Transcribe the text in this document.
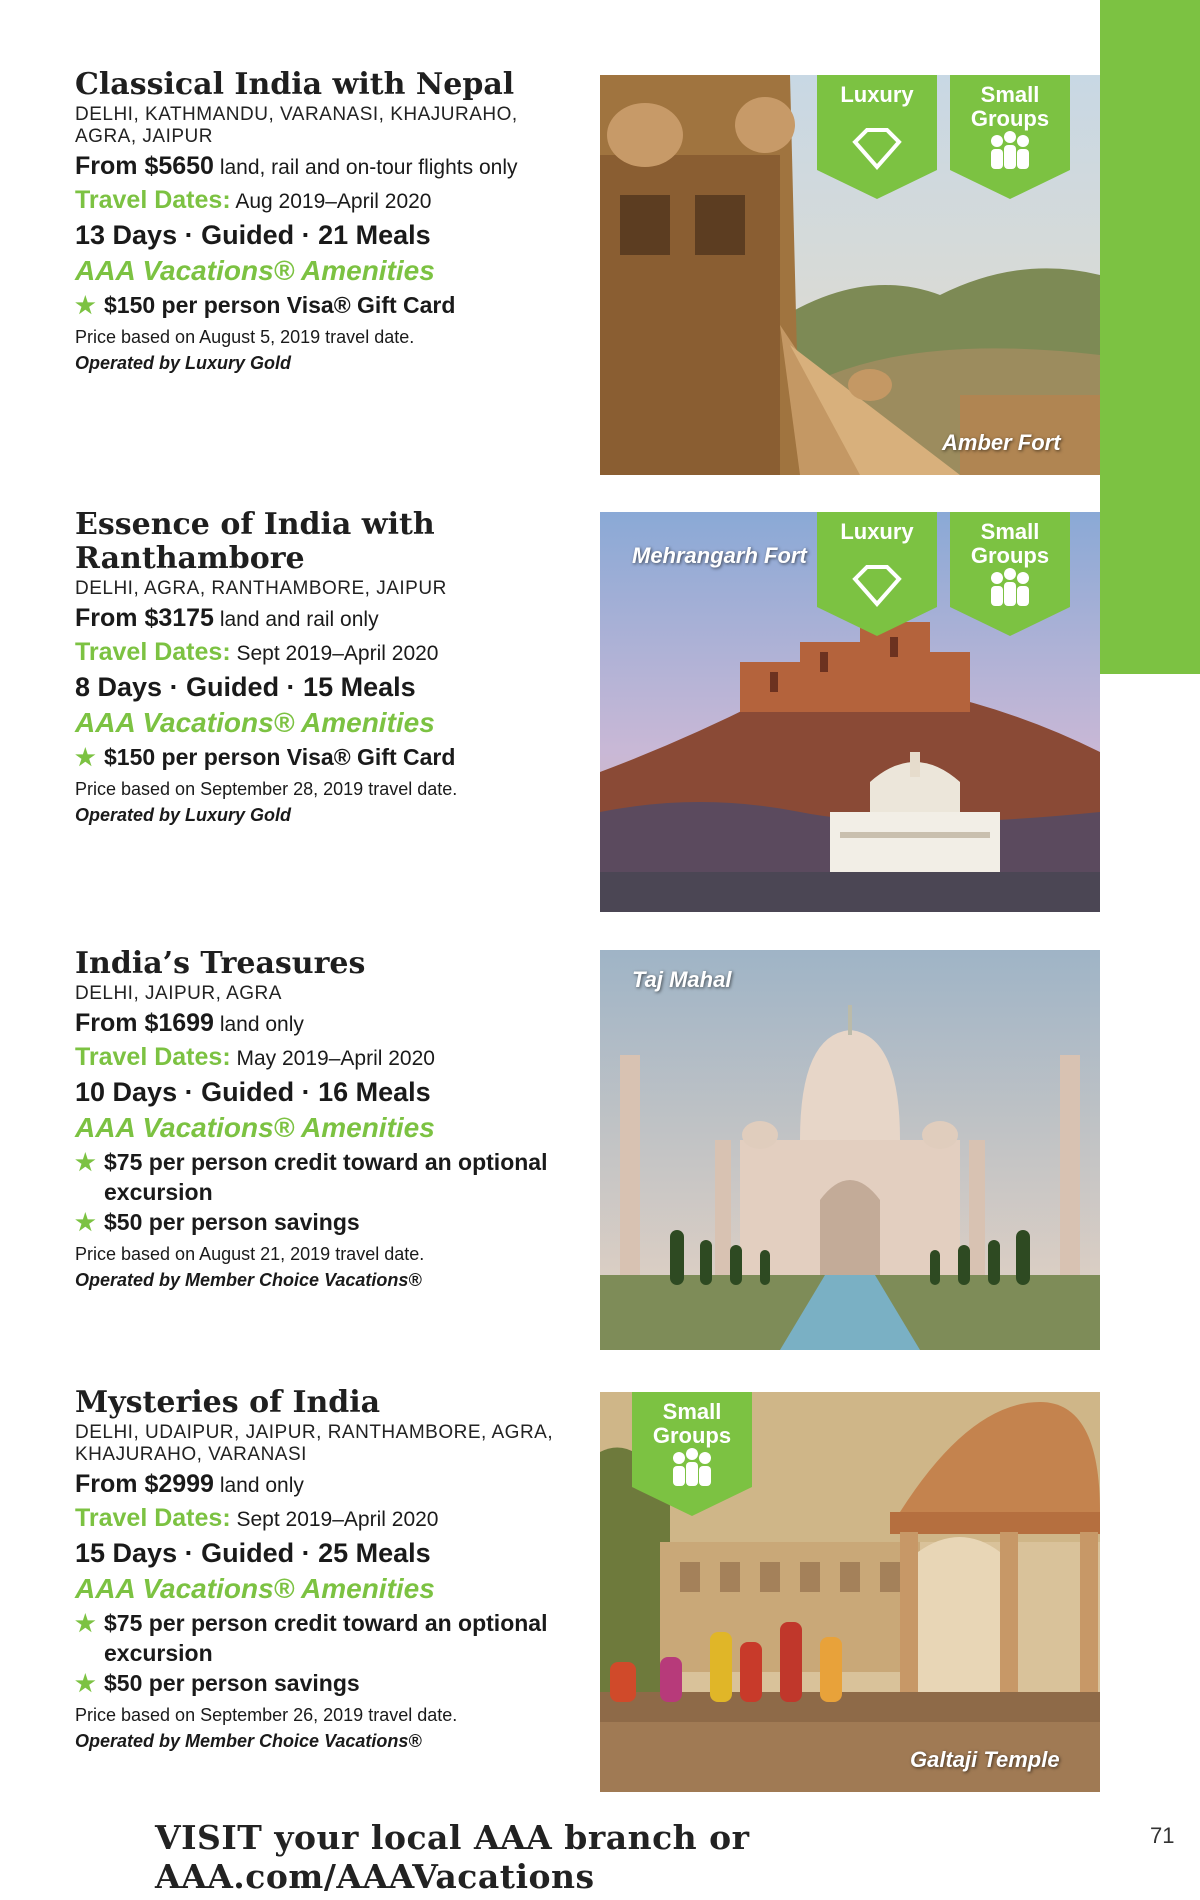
Classical India with Nepal
DELHI, KATHMANDU, VARANASI, KHAJURAHO,
AGRA, JAIPUR
From $5650 land, rail and on-tour flights only
Travel Dates: Aug 2019–April 2020
13 Days · Guided · 21 Meals
AAA Vacations® Amenities
★ $150 per person Visa® Gift Card
Price based on August 5, 2019 travel date.
Operated by Luxury Gold
Luxury	Small
Groups
Amber Fort
Essence of India with
Ranthambore
DELHI, AGRA, RANTHAMBORE, JAIPUR
From $3175 land and rail only
Travel Dates: Sept 2019–April 2020
8 Days · Guided · 15 Meals
AAA Vacations® Amenities
★ $150 per person Visa® Gift Card
Price based on September 28, 2019 travel date.
Operated by Luxury Gold
Mehrangarh Fort
Luxury	Small
Groups
India’s Treasures
DELHI, JAIPUR, AGRA
From $1699 land only
Travel Dates: May 2019–April 2020
10 Days · Guided · 16 Meals
AAA Vacations® Amenities
★ $75 per person credit toward an optional excursion
★ $50 per person savings
Price based on August 21, 2019 travel date.
Operated by Member Choice Vacations®
Taj Mahal
Mysteries of India
DELHI, UDAIPUR, JAIPUR, RANTHAMBORE, AGRA,
KHAJURAHO, VARANASI
From $2999 land only
Travel Dates: Sept 2019–April 2020
15 Days · Guided · 25 Meals
AAA Vacations® Amenities
★ $75 per person credit toward an optional excursion
★ $50 per person savings
Price based on September 26, 2019 travel date.
Operated by Member Choice Vacations®
Small
Groups
Galtaji Temple
VISIT your local AAA branch or AAA.com/AAAVacations
71
